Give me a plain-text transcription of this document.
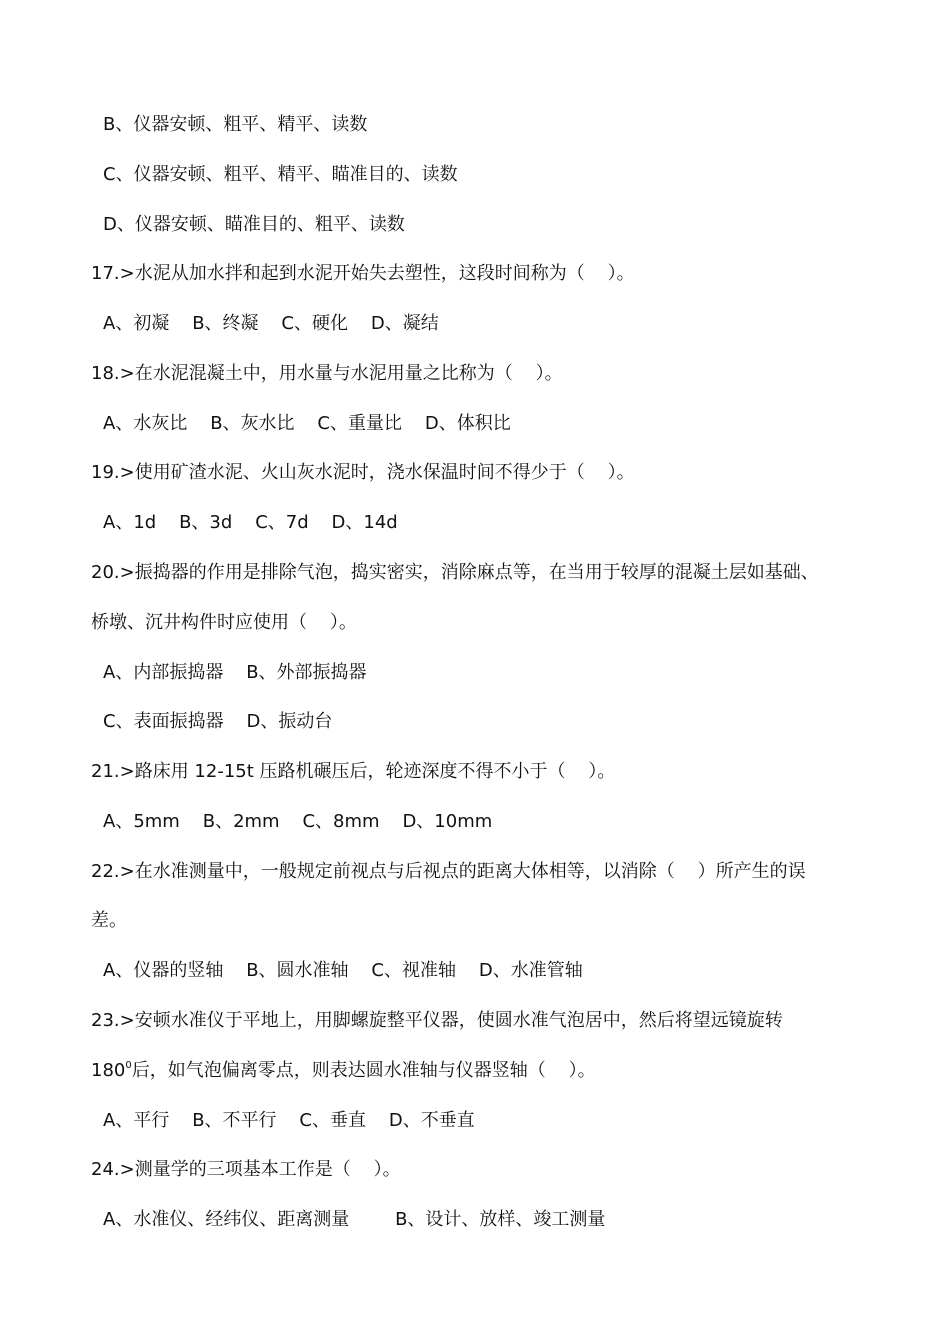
B、仪器安顿、粗平、精平、读数
C、仪器安顿、粗平、精平、瞄准目的、读数
D、仪器安顿、瞄准目的、粗平、读数
17.>水泥从加水拌和起到水泥开始失去塑性，这段时间称为（    ）。
A、初凝    B、终凝    C、硬化    D、凝结
18.>在水泥混凝土中，用水量与水泥用量之比称为（    ）。
A、水灰比    B、灰水比    C、重量比    D、体积比
19.>使用矿渣水泥、火山灰水泥时，浇水保温时间不得少于（    ）。
A、1d    B、3d    C、7d    D、14d
20.>振捣器的作用是排除气泡，捣实密实，消除麻点等，在当用于较厚的混凝土层如基础、
桥墩、沉井构件时应使用（    ）。
A、内部振捣器    B、外部振捣器
C、表面振捣器    D、振动台
21.>路床用 12-15t 压路机碾压后，轮迹深度不得不小于（    ）。
A、5mm    B、2mm    C、8mm    D、10mm
22.>在水准测量中，一般规定前视点与后视点的距离大体相等，以消除（    ）所产生的误
差。
A、仪器的竖轴    B、圆水准轴    C、视准轴    D、水准管轴
23.>安顿水准仪于平地上，用脚螺旋整平仪器，使圆水准气泡居中，然后将望远镜旋转
$180^0$后，如气泡偏离零点，则表达圆水准轴与仪器竖轴（    ）。
A、平行    B、不平行    C、垂直    D、不垂直
24.>测量学的三项基本工作是（    ）。
A、水准仪、经纬仪、距离测量        B、设计、放样、竣工测量
